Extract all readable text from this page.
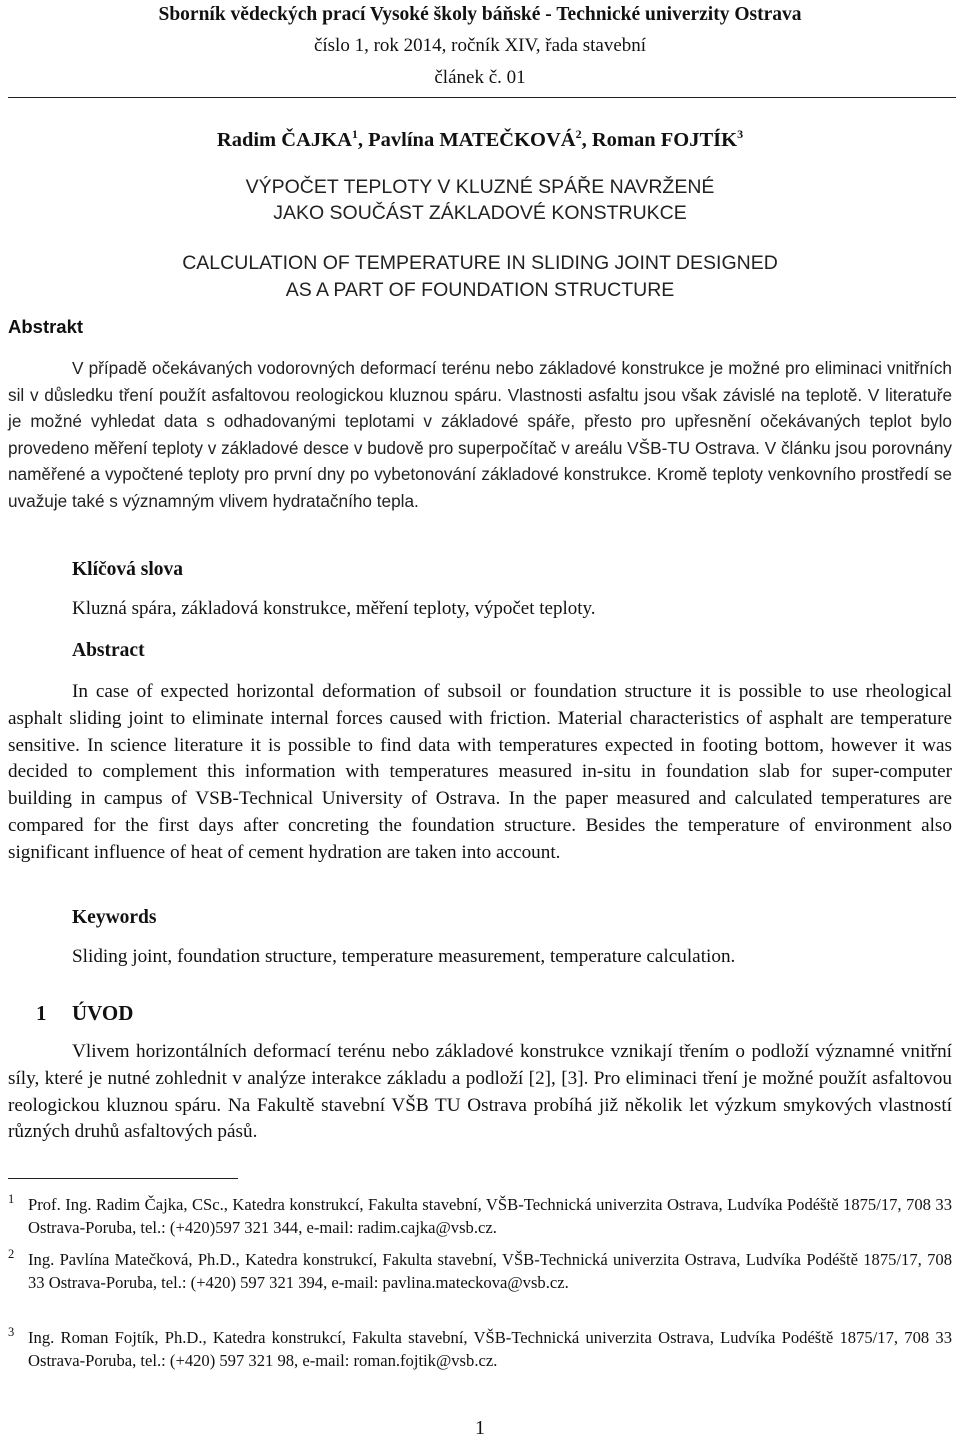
Sborník vědeckých prací Vysoké školy báňské - Technické univerzity Ostrava
číslo 1, rok 2014, ročník XIV, řada stavební
článek č. 01
Radim ČAJKA$^1$, Pavlína MATEČKOVÁ$^2$, Roman FOJTÍK$^3$
VÝPOČET TEPLOTY V KLUZNÉ SPÁŘE NAVRŽENÉ
JAKO SOUČÁST ZÁKLADOVÉ KONSTRUKCE
CALCULATION OF TEMPERATURE IN SLIDING JOINT DESIGNED
AS A PART OF FOUNDATION STRUCTURE
Abstrakt

V případě očekávaných vodorovných deformací terénu nebo základové konstrukce je možné pro eliminaci vnitřních sil v důsledku tření použít asfaltovou reologickou kluznou spáru. Vlastnosti asfaltu jsou však závislé na teplotě. V literatuře je možné vyhledat data s odhadovanými teplotami v základové spáře, přesto pro upřesnění očekávaných teplot bylo provedeno měření teploty v základové desce v budově pro superpočítač v areálu VŠB-TU Ostrava. V článku jsou porovnány naměřené a vypočtené teploty pro první dny po vybetonování základové konstrukce. Kromě teploty venkovního prostředí se uvažuje také s významným vlivem hydratačního tepla.

Klíčová slova
Kluzná spára, základová konstrukce, měření teploty, výpočet teploty.
Abstract

In case of expected horizontal deformation of subsoil or foundation structure it is possible to use rheological asphalt sliding joint to eliminate internal forces caused with friction. Material characteristics of asphalt are temperature sensitive. In science literature it is possible to find data with temperatures expected in footing bottom, however it was decided to complement this information with temperatures measured in-situ in foundation slab for super-computer building in campus of VSB-Technical University of Ostrava. In the paper measured and calculated temperatures are compared for the first days after concreting the foundation structure. Besides the temperature of environment also significant influence of heat of cement hydration are taken into account.

Keywords
Sliding joint, foundation structure, temperature measurement, temperature calculation.
1 ÚVOD

Vlivem horizontálních deformací terénu nebo základové konstrukce vznikají třením o podloží významné vnitřní síly, které je nutné zohlednit v analýze interakce základu a podloží [2], [3]. Pro eliminaci tření je možné použít asfaltovou reologickou kluznou spáru. Na Fakultě stavební VŠB TU Ostrava probíhá již několik let výzkum smykových vlastností různých druhů asfaltových pásů.

1 Prof. Ing. Radim Čajka, CSc., Katedra konstrukcí, Fakulta stavební, VŠB-Technická univerzita Ostrava, Ludvíka Podéště 1875/17, 708 33 Ostrava-Poruba, tel.: (+420)597 321 344, e-mail: radim.cajka@vsb.cz.
2 Ing. Pavlína Matečková, Ph.D., Katedra konstrukcí, Fakulta stavební, VŠB-Technická univerzita Ostrava, Ludvíka Podéště 1875/17, 708 33 Ostrava-Poruba, tel.: (+420) 597 321 394, e-mail: pavlina.mateckova@vsb.cz.
3 Ing. Roman Fojtík, Ph.D., Katedra konstrukcí, Fakulta stavební, VŠB-Technická univerzita Ostrava, Ludvíka Podéště 1875/17, 708 33 Ostrava-Poruba, tel.: (+420) 597 321 98, e-mail: roman.fojtik@vsb.cz.
1
